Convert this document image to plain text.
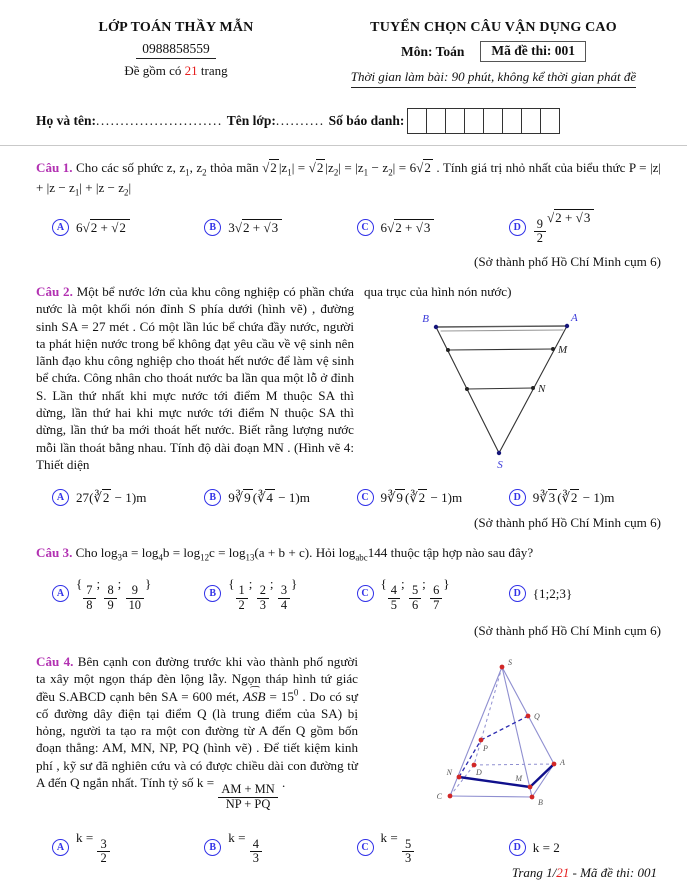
LỚP TOÁN THẦY MẪN
0988858559
Đề gồm có 21 trang
TUYỂN CHỌN CÂU VẬN DỤNG CAO
Môn: Toán	Mã đề thi: 001
Thời gian làm bài: 90 phút, không kể thời gian phát đề
Họ và tên: .......................... Tên lớp: .......... Số báo danh:

Câu 1. Cho các số phức z, $z_1$, $z_2$ thỏa mãn √2 $|z_1| = √2$ $|z_2| = |z_1 - z_2| = 6√2$ . Tính giá trị nhỏ nhất của biểu thức $P = |z| + |z - z_1| + |z - z_2|$

A 6√2 + √2	B 3√2 + √3	C 6√2 + √3	D	$\frac{9}{2}$
√2 + √3
(Sở thành phố Hồ Chí Minh cụm 6)

Câu 2. Một bể nước lớn của khu công nghiệp có phần chứa nước là một khối nón đỉnh S phía dưới (hình vẽ) , đường sinh SA = 27 mét . Có một lần lúc bể chứa đầy nước, người ta phát hiện nước trong bể không đạt yêu cầu về vệ sinh nên lãnh đạo khu công nghiệp cho thoát hết nước để làm vệ sinh bể chứa. Công nhân cho thoát nước ba lần qua một lỗ ở đỉnh S. Lần thứ nhất khi mực nước tới điểm M thuộc SA thì dừng, lần thứ hai khi mực nước tới điểm N thuộc SA thì dừng, lần thứ ba mới thoát hết nước. Biết rằng lượng nước mỗi lần thoát bằng nhau. Tính độ dài đoạn MN . (Hình vẽ 4: Thiết diện

qua trục của hình nón nước)

B	A
M
N
S
A 27(∛2 − 1)m	B 9∛9 (∛4 − 1)m	C 9∛9 (∛2 − 1)m	D 9∛3 (∛2 − 1)m
(Sở thành phố Hồ Chí Minh cụm 6)

Câu 3. Cho $\log_3a = \log_4b = \log_{12}c = \log_{13}(a + b + c)$. Hỏi $\log_{abc}144$ thuộc tập hợp nào sau đây?

A
{
$\frac{7}{8}$
;
$\frac{8}{9}$
;
$\frac{9}{10}$
}
B
{
$\frac{1}{2}$
;
$\frac{2}{3}$
;
$\frac{3}{4}$
}
C
{
$\frac{4}{5}$
;
$\frac{5}{6}$
;
$\frac{6}{7}$
}
D {1;2;3}
(Sở thành phố Hồ Chí Minh cụm 6)

Câu 4. Bên cạnh con đường trước khi vào thành phố người ta xây một ngọn tháp đèn lộng lẫy. Ngọn tháp hình tứ giác đều S.ABCD cạnh bên SA = 600 mét, ⌢ ASB = $15^0$ . Do có sự cố đường dây điện tại điểm Q (là trung điểm của SA) bị hỏng, người ta tạo ra một con đường từ A đến Q gồm bốn đoạn thẳng: AM, MN, NP, PQ (hình vẽ) . Để tiết kiệm kinh phí , kỹ sư đã nghiên cứu và có được chiều dài con đường từ A đến Q ngắn nhất. Tính tỷ số k =
$\frac{AM + MN}{NP + PQ}$
.

S
Q
P
D
A
N
M
C
B
A
k =
$\frac{3}{2}$	B
k =
$\frac{4}{3}$	C
k =
$\frac{5}{3}$	D k = 2
Trang 1/21 - Mã đề thi: 001
